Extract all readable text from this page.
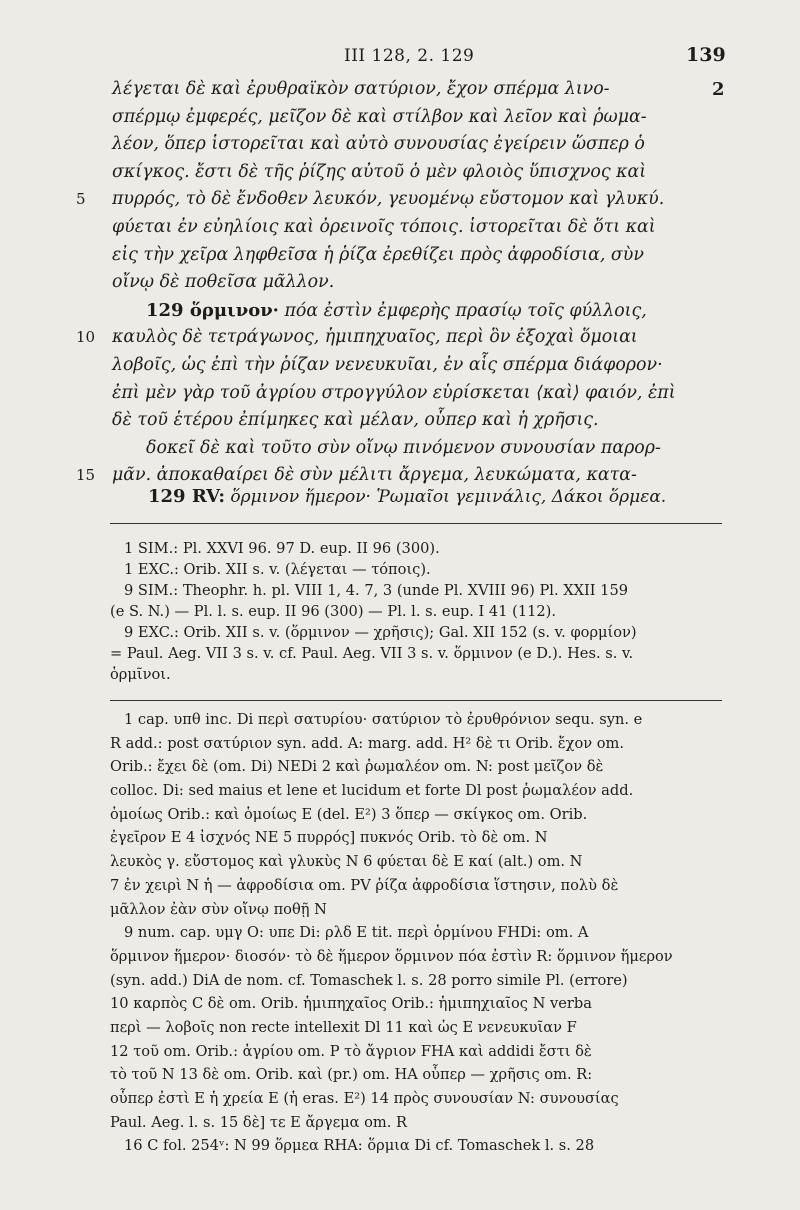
III 128, 2. 129	139
2
λέγεται δὲ καὶ ἐρυθραϊκὸν σατύριον, ἔχον σπέρμα λινο-
σπέρμῳ ἐμφερές, μεῖζον δὲ καὶ στίλβον καὶ λεῖον καὶ ῥωμα-
λέον, ὅπερ ἱστορεῖται καὶ αὐτὸ συνουσίας ἐγείρειν ὥσπερ ὁ
σκίγκος. ἔστι δὲ τῆς ῥίζης αὐτοῦ ὁ μὲν φλοιὸς ὕπισχνος καὶ
5 πυρρός, τὸ δὲ ἔνδοθεν λευκόν, γευομένῳ εὔστομον καὶ γλυκύ.
φύεται ἐν εὐηλίοις καὶ ὀρεινοῖς τόποις. ἱστορεῖται δὲ ὅτι καὶ
εἰς τὴν χεῖρα ληφθεῖσα ἡ ῥίζα ἐρεθίζει πρὸς ἀφροδίσια, σὺν
οἴνῳ δὲ ποθεῖσα μᾶλλον.
129 ὅρμινον· πόα ἐστὶν ἐμφερὴς πρασίῳ τοῖς φύλλοις,
10 καυλὸς δὲ τετράγωνος, ἡμιπηχυαῖος, περὶ ὃν ἐξοχαὶ ὅμοιαι
λοβοῖς, ὡς ἐπὶ τὴν ῥίζαν νενευκυῖαι, ἐν αἷς σπέρμα διάφορον·
ἐπὶ μὲν γὰρ τοῦ ἀγρίου στρογγύλον εὑρίσκεται ⟨καὶ⟩ φαιόν, ἐπὶ
δὲ τοῦ ἑτέρου ἐπίμηκες καὶ μέλαν, οὗπερ καὶ ἡ χρῆσις.
δοκεῖ δὲ καὶ τοῦτο σὺν οἴνῳ πινόμενον συνουσίαν παρορ-
15 μᾶν. ἀποκαθαίρει δὲ σὺν μέλιτι ἄργεμα, λευκώματα, κατα-
129 RV: ὅρμινον ἥμερον· Ῥωμαῖοι γεμινάλις, Δάκοι ὅρμεα.
1 SIM.: Pl. XXVI 96. 97 D. eup. II 96 (300).
1 EXC.: Orib. XII s. v. (λέγεται — τόποις).
9 SIM.: Theophr. h. pl. VIII 1, 4. 7, 3 (unde Pl. XVIII 96) Pl. XXII 159
(e S. N.) — Pl. l. s. eup. II 96 (300) — Pl. l. s. eup. I 41 (112).
9 EXC.: Orib. XII s. v. (ὅρμινον — χρῆσις); Gal. XII 152 (s. v. φορμίον)
= Paul. Aeg. VII 3 s. v. cf. Paul. Aeg. VII 3 s. v. ὅρμινον (e D.). Hes. s. v.
ὁρμῖνοι.
1 cap. υπθ inc. Di περὶ σατυρίου· σατύριον τὸ ἐρυθρόνιον sequ. syn. e
R add.: post σατύριον syn. add. A: marg. add. H² δὲ τι Orib. ἔχον om.
Orib.: ἔχει δὲ (om. Di) NEDi 2 καὶ ῥωμαλέον om. N: post μεῖζον δὲ
colloc. Di: sed maius et lene et lucidum et forte Dl post ῥωμαλέον add.
ὁμοίως Orib.: καὶ ὁμοίως E (del. E²) 3 ὅπερ — σκίγκος om. Orib.
ἐγεῖρον E 4 ἰσχνός NE 5 πυρρός] πυκνός Orib. τὸ δὲ om. N
λευκὸς γ. εὔστομος καὶ γλυκὺς N 6 φύεται δὲ E καί (alt.) om. N
7 ἐν χειρὶ N ἡ — ἀφροδίσια om. PV ῥίζα ἀφροδίσια ἵστησιν, πολὺ δὲ
μᾶλλον ἐὰν σὺν οἴνῳ ποθῇ N
9 num. cap. υμγ O: υπε Di: ρλδ E tit. περὶ ὁρμίνου FHDi: om. A
ὅρμινον ἥμερον· διοσόν· τὸ δὲ ἥμερον ὅρμινον πόα ἐστὶν R: ὅρμινον ἥμερον
(syn. add.) DiA de nom. cf. Tomaschek l. s. 28 porro simile Pl. (errore)
10 καρπὸς C δὲ om. Orib. ἡμιπηχαῖος Orib.: ἡμιπηχιαῖος N verba
περὶ — λοβοῖς non recte intellexit Dl 11 καὶ ὡς E νενευκυῖαν F
12 τοῦ om. Orib.: ἀγρίου om. P τὸ ἄγριον FHA καὶ addidi ἔστι δὲ
τὸ τοῦ N 13 δὲ om. Orib. καὶ (pr.) om. HA οὗπερ — χρῆσις om. R:
οὗπερ ἐστὶ E ἡ χρεία E (ἡ eras. E²) 14 πρὸς συνουσίαν N: συνουσίας
Paul. Aeg. l. s. 15 δὲ] τε E ἄργεμα om. R
16 C fol. 254ᵛ: N 99 ὅρμεα RHA: ὅρμια Di cf. Tomaschek l. s. 28
